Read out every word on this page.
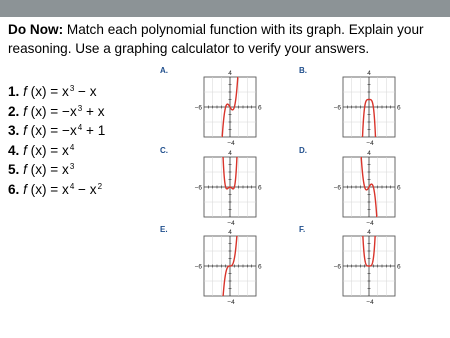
Do Now: Match each polynomial function with its graph. Explain your reasoning. Use a graphing calculator to verify your answers.
1. f $(x) = x^3 - x$
2. f $(x) = -x^3 + x$
3. f $(x) = -x^4 + 1$
4. f $(x) = x^4$
5. f $(x) = x^3$
6. f $(x) = x^4 - x^2$
A.	4
−4
−6	6
B.	4
−4
−6	6
C.	4
−4
−6	6
D.	4
−4
−6	6
E.	4
−4
−6	6
F.	4
−4
−6	6
